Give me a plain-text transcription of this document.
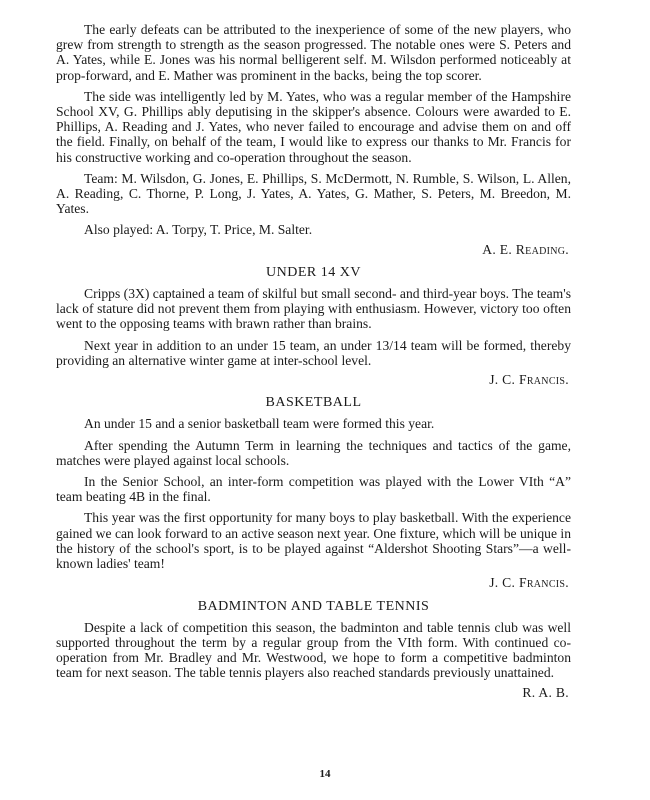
The early defeats can be attributed to the inexperience of some of the new players, who grew from strength to strength as the season progressed. The notable ones were S. Peters and A. Yates, while E. Jones was his normal belligerent self. M. Wilsdon performed noticeably at prop-forward, and E. Mather was prominent in the backs, being the top scorer.

The side was intelligently led by M. Yates, who was a regular member of the Hampshire School XV, G. Phillips ably deputising in the skipper's absence. Colours were awarded to E. Phillips, A. Reading and J. Yates, who never failed to encourage and advise them on and off the field. Finally, on behalf of the team, I would like to express our thanks to Mr. Francis for his constructive working and co-operation throughout the season.

Team: M. Wilsdon, G. Jones, E. Phillips, S. McDermott, N. Rumble, S. Wilson, L. Allen, A. Reading, C. Thorne, P. Long, J. Yates, A. Yates, G. Mather, S. Peters, M. Breedon, M. Yates.

Also played: A. Torpy, T. Price, M. Salter.

A. E. Reading.
UNDER 14 XV

Cripps (3X) captained a team of skilful but small second- and third-year boys. The team's lack of stature did not prevent them from playing with enthusiasm. However, victory too often went to the opposing teams with brawn rather than brains.

Next year in addition to an under 15 team, an under 13/14 team will be formed, thereby providing an alternative winter game at inter-school level.

J. C. Francis.
BASKETBALL

An under 15 and a senior basketball team were formed this year.

After spending the Autumn Term in learning the techniques and tactics of the game, matches were played against local schools.

In the Senior School, an inter-form competition was played with the Lower VIth “A” team beating 4B in the final.

This year was the first opportunity for many boys to play basketball. With the experience gained we can look forward to an active season next year. One fixture, which will be unique in the history of the school's sport, is to be played against “Aldershot Shooting Stars”—a well-known ladies' team!

J. C. Francis.
BADMINTON AND TABLE TENNIS

Despite a lack of competition this season, the badminton and table tennis club was well supported throughout the term by a regular group from the VIth form. With continued co-operation from Mr. Bradley and Mr. Westwood, we hope to form a competitive badminton team for next season. The table tennis players also reached standards previously unattained.

R. A. B.
14
